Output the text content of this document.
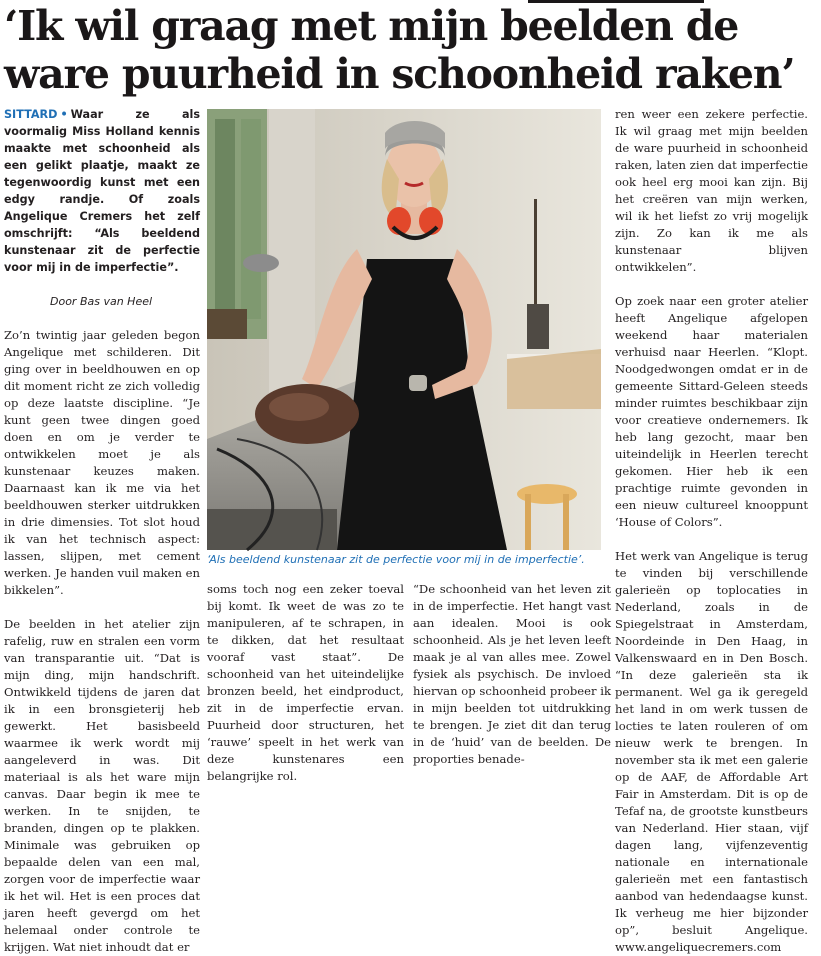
‘Ik wil graag met mijn beelden de
ware puurheid in schoonheid raken’

SITTARD • Waar ze als voormalig Miss Holland kennis maakte met schoonheid als een gelikt plaatje, maakt ze tegenwoordig kunst met een edgy randje. Of zoals Angelique Cremers het zelf omschrijft: “Als beeldend kunstenaar zit de perfectie voor mij in de imperfectie”.

Door Bas van Heel

Zo’n twintig jaar geleden begon Angelique met schilderen. Dit ging over in beeldhouwen en op dit moment richt ze zich volledig op deze laatste discipline. “Je kunt geen twee dingen goed doen en om je verder te ontwikkelen moet je als kunstenaar keuzes maken. Daarnaast kan ik me via het beeldhouwen sterker uitdrukken in drie dimensies. Tot slot houd ik van het technisch aspect: lassen, slijpen, met cement werken. Je handen vuil maken en bikkelen”.

De beelden in het atelier zijn rafelig, ruw en stralen een vorm van transparantie uit. “Dat is mijn ding, mijn handschrift. Ontwikkeld tijdens de jaren dat ik in een bronsgieterij heb gewerkt. Het basisbeeld waarmee ik werk wordt mij aangeleverd in was. Dit materiaal is als het ware mijn canvas. Daar begin ik mee te werken. In te snijden, te branden, dingen op te plakken. Minimale was gebruiken op bepaalde delen van een mal, zorgen voor de imperfectie waar ik het wil. Het is een proces dat jaren heeft gevergd om het helemaal onder controle te krijgen. Wat niet inhoudt dat er

‘Als beeldend kunstenaar zit de perfectie voor mij in de imperfectie’.

soms toch nog een zeker toeval bij komt. Ik weet de was zo te manipuleren, af te schrapen, in te dikken, dat het resultaat vooraf vast staat”. De schoonheid van het uiteindelijke bronzen beeld, het eindproduct, zit in de imperfectie ervan. Puurheid door structuren, het ‘rauwe’ speelt in het werk van deze kunstenares een belangrijke rol.

“De schoonheid van het leven zit in de imperfectie. Het hangt vast aan idealen. Mooi is ook schoonheid. Als je het leven leeft maak je al van alles mee. Zowel fysiek als psychisch. De invloed hiervan op schoonheid probeer ik in mijn beelden tot uitdrukking te brengen. Je ziet dit dan terug in de ‘huid’ van de beelden. De proporties benade-

ren weer een zekere perfectie. Ik wil graag met mijn beelden de ware puurheid in schoonheid raken, laten zien dat imperfectie ook heel erg mooi kan zijn. Bij het creëren van mijn werken, wil ik het liefst zo vrij mogelijk zijn. Zo kan ik me als kunstenaar blijven ontwikkelen”.

Op zoek naar een groter atelier heeft Angelique afgelopen weekend haar materialen verhuisd naar Heerlen. “Klopt. Noodgedwongen omdat er in de gemeente Sittard-Geleen steeds minder ruimtes beschikbaar zijn voor creatieve ondernemers. Ik heb lang gezocht, maar ben uiteindelijk in Heerlen terecht gekomen. Hier heb ik een prachtige ruimte gevonden in een nieuw cultureel knooppunt ‘House of Colors”.

Het werk van Angelique is terug te vinden bij verschillende galerieën op toplocaties in Nederland, zoals in de Spiegelstraat in Amsterdam, Noordeinde in Den Haag, in Valkenswaard en in Den Bosch. “In deze galerieën sta ik permanent. Wel ga ik geregeld het land in om werk tussen de locties te laten rouleren of om nieuw werk te brengen. In november sta ik met een galerie op de AAF, de Affordable Art Fair in Amsterdam. Dit is op de Tefaf na, de grootste kunstbeurs van Nederland. Hier staan, vijf dagen lang, vijfenzeventig nationale en internationale galerieën met een fantastisch aanbod van hedendaagse kunst. Ik verheug me hier bijzonder op”, besluit Angelique. www.angeliquecremers.com
